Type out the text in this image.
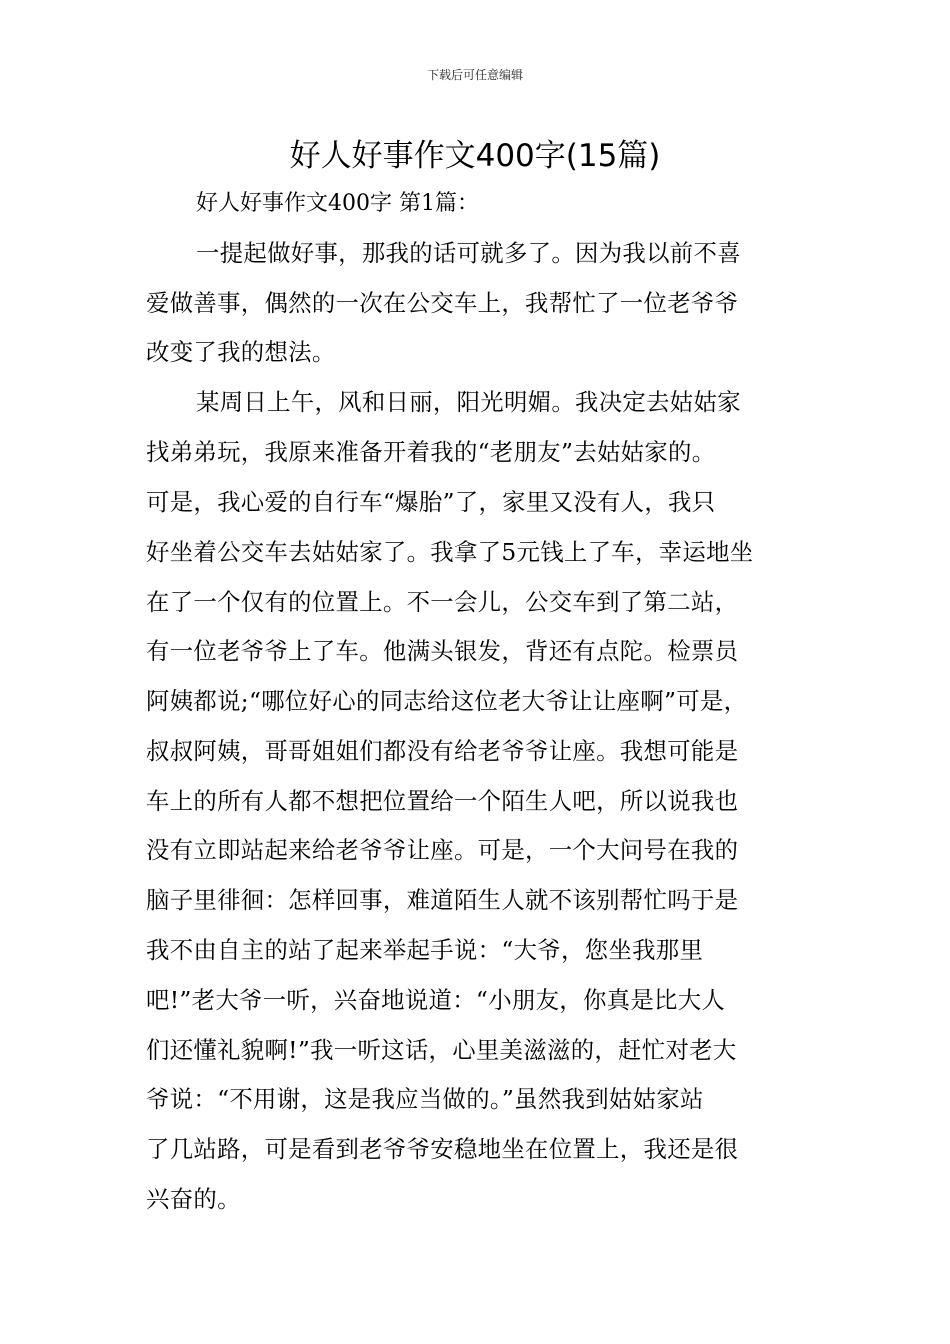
下载后可任意编辑
好人好事作文400字(15篇)
好人好事作文400字 第1篇：
一提起做好事，那我的话可就多了。因为我以前不喜
爱做善事，偶然的一次在公交车上，我帮忙了一位老爷爷
改变了我的想法。
某周日上午，风和日丽，阳光明媚。我决定去姑姑家
找弟弟玩，我原来准备开着我的“老朋友”去姑姑家的。
可是，我心爱的自行车“爆胎”了，家里又没有人，我只
好坐着公交车去姑姑家了。我拿了5元钱上了车，幸运地坐
在了一个仅有的位置上。不一会儿，公交车到了第二站，
有一位老爷爷上了车。他满头银发，背还有点陀。检票员
阿姨都说;“哪位好心的同志给这位老大爷让让座啊”可是，
叔叔阿姨，哥哥姐姐们都没有给老爷爷让座。我想可能是
车上的所有人都不想把位置给一个陌生人吧，所以说我也
没有立即站起来给老爷爷让座。可是，一个大问号在我的
脑子里徘徊：怎样回事，难道陌生人就不该别帮忙吗于是
我不由自主的站了起来举起手说：“大爷，您坐我那里
吧!”老大爷一听，兴奋地说道：“小朋友，你真是比大人
们还懂礼貌啊!”我一听这话，心里美滋滋的，赶忙对老大
爷说：“不用谢，这是我应当做的。”虽然我到姑姑家站
了几站路，可是看到老爷爷安稳地坐在位置上，我还是很
兴奋的。
